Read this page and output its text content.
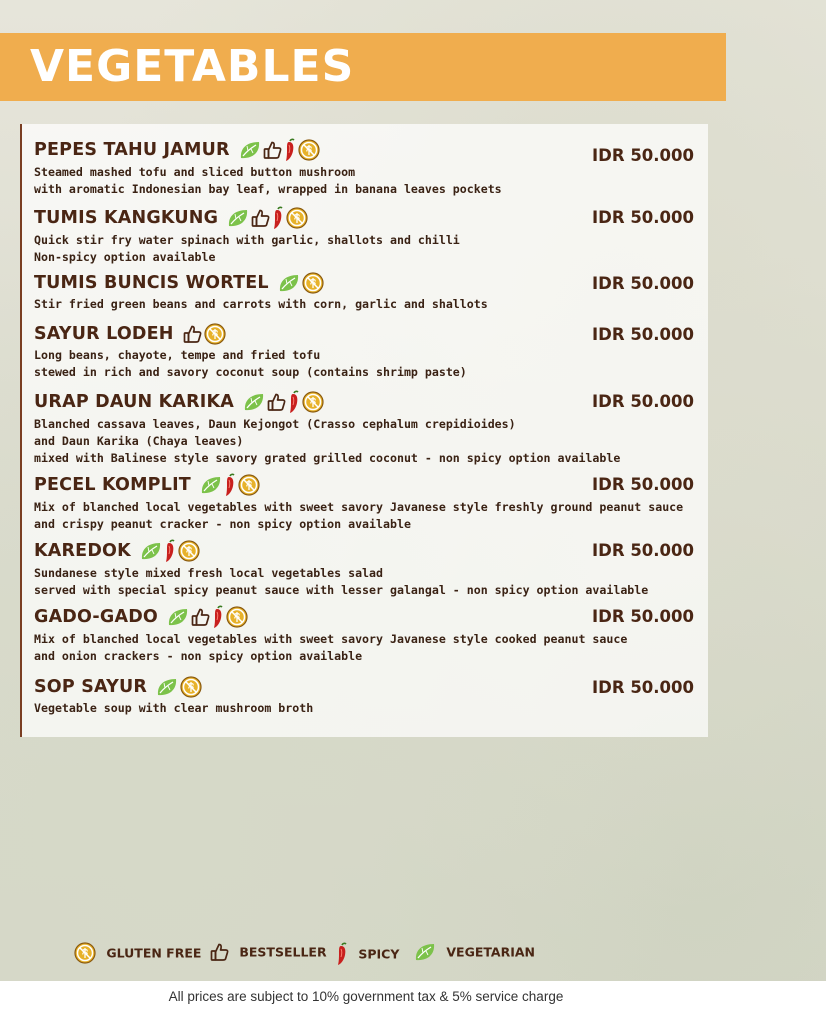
VEGETABLES
PEPES TAHU JAMUR	IDR 50.000
Steamed mashed tofu and sliced button mushroom
with aromatic Indonesian bay leaf, wrapped in banana leaves pockets
TUMIS KANGKUNG	IDR 50.000
Quick stir fry water spinach with garlic, shallots and chilli
Non-spicy option available
TUMIS BUNCIS WORTEL	IDR 50.000
Stir fried green beans and carrots with corn, garlic and shallots
SAYUR LODEH	IDR 50.000
Long beans, chayote, tempe and fried tofu
stewed in rich and savory coconut soup (contains shrimp paste)
URAP DAUN KARIKA	IDR 50.000
Blanched cassava leaves, Daun Kejongot (Crasso cephalum crepidioides)
and Daun Karika (Chaya leaves)
mixed with Balinese style savory grated grilled coconut - non spicy option available
PECEL KOMPLIT	IDR 50.000
Mix of blanched local vegetables with sweet savory Javanese style freshly ground peanut sauce
and crispy peanut cracker - non spicy option available
KAREDOK	IDR 50.000
Sundanese style mixed fresh local vegetables salad
served with special spicy peanut sauce with lesser galangal - non spicy option available
GADO-GADO	IDR 50.000
Mix of blanched local vegetables with sweet savory Javanese style cooked peanut sauce
and onion crackers - non spicy option available
SOP SAYUR	IDR 50.000
Vegetable soup with clear mushroom broth
GLUTEN FREE	BESTSELLER	SPICY	VEGETARIAN
All prices are subject to 10% government tax & 5% service charge
